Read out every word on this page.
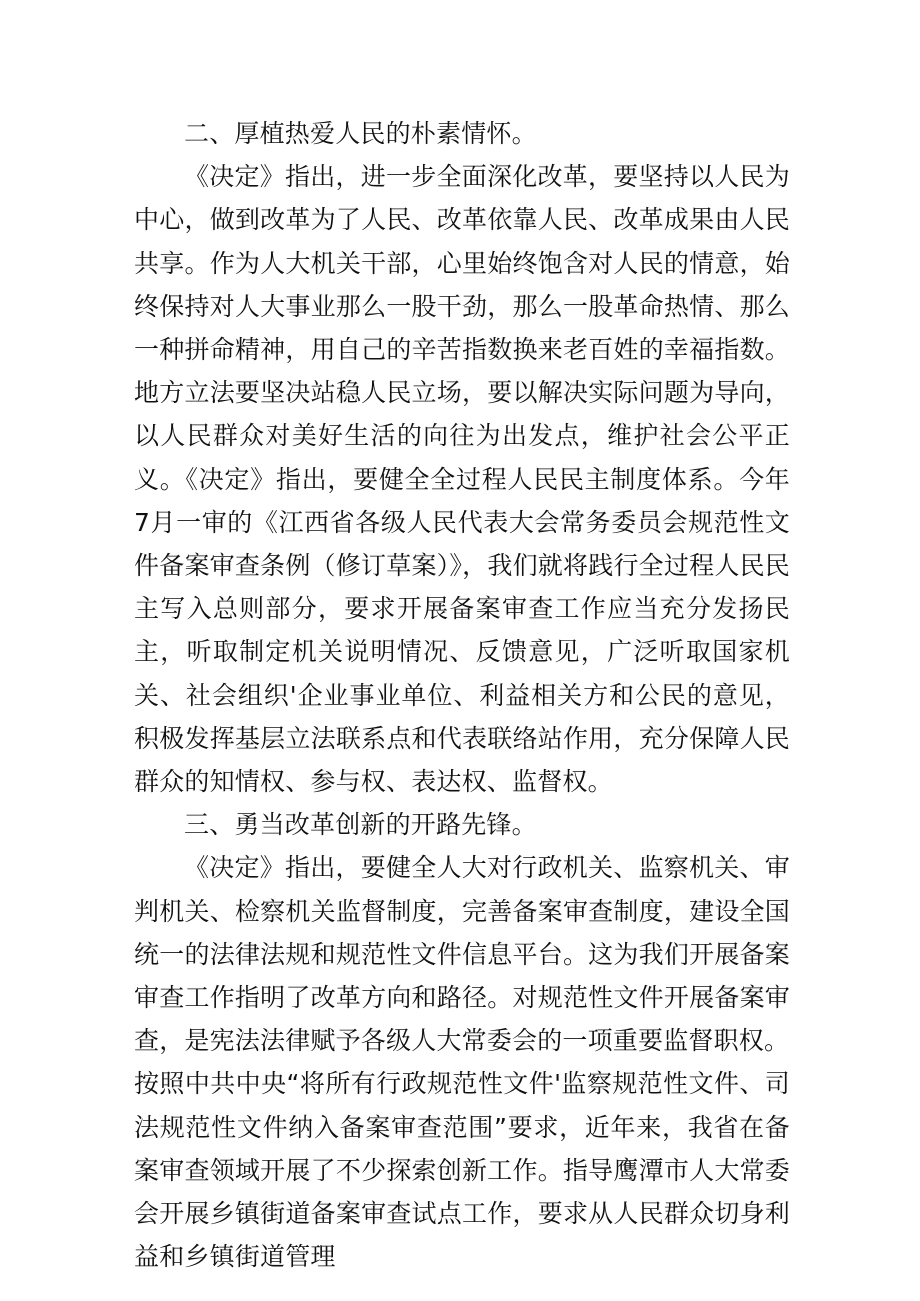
二、厚植热爱人民的朴素情怀。

《决定》指出，进一步全面深化改革，要坚持以人民为中心，做到改革为了人民、改革依靠人民、改革成果由人民共享。作为人大机关干部，心里始终饱含对人民的情意，始终保持对人大事业那么一股干劲，那么一股革命热情、那么一种拼命精神，用自己的辛苦指数换来老百姓的幸福指数。地方立法要坚决站稳人民立场，要以解决实际问题为导向，以人民群众对美好生活的向往为出发点，维护社会公平正义。《决定》指出，要健全全过程人民民主制度体系。今年7月一审的《江西省各级人民代表大会常务委员会规范性文件备案审查条例（修订草案）》，我们就将践行全过程人民民主写入总则部分，要求开展备案审查工作应当充分发扬民主，听取制定机关说明情况、反馈意见，广泛听取国家机关、社会组织'企业事业单位、利益相关方和公民的意见，积极发挥基层立法联系点和代表联络站作用，充分保障人民群众的知情权、参与权、表达权、监督权。

三、勇当改革创新的开路先锋。

《决定》指出，要健全人大对行政机关、监察机关、审判机关、检察机关监督制度，完善备案审查制度，建设全国统一的法律法规和规范性文件信息平台。这为我们开展备案审查工作指明了改革方向和路径。对规范性文件开展备案审查，是宪法法律赋予各级人大常委会的一项重要监督职权。

按照中共中央“将所有行政规范性文件'监察规范性文件、司法规范性文件纳入备案审查范围”要求，近年来，我省在备案审查领域开展了不少探索创新工作。指导鹰潭市人大常委会开展乡镇街道备案审查试点工作，要求从人民群众切身利益和乡镇街道管理
